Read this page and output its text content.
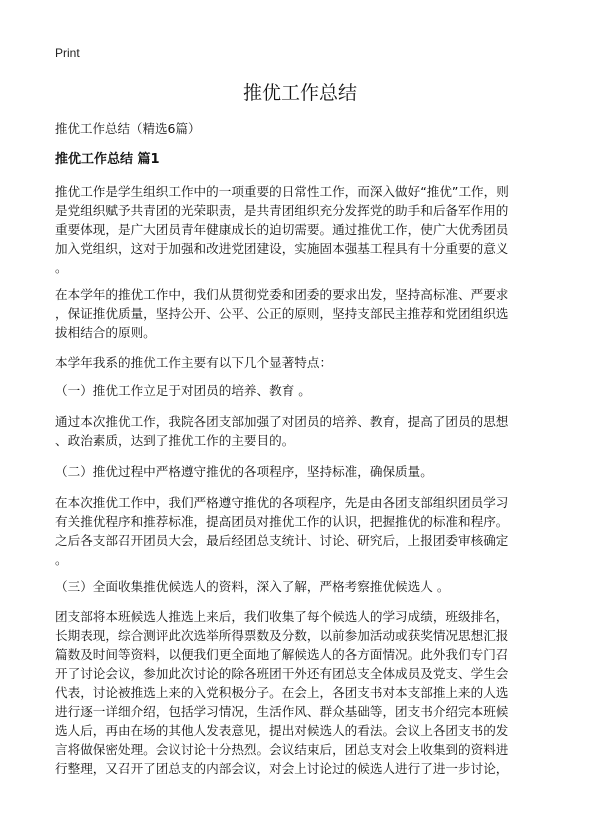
Print
推优工作总结
推优工作总结（精选6篇）
推优工作总结 篇1
推优工作是学生组织工作中的一项重要的日常性工作，而深入做好“推优”工作，则
是党组织赋予共青团的光荣职责，是共青团组织充分发挥党的助手和后备军作用的
重要体现，是广大团员青年健康成长的迫切需要。通过推优工作，使广大优秀团员
加入党组织，这对于加强和改进党团建设，实施固本强基工程具有十分重要的意义
。
在本学年的推优工作中，我们从贯彻党委和团委的要求出发，坚持高标准、严要求
，保证推优质量，坚持公开、公平、公正的原则，坚持支部民主推荐和党团组织选
拔相结合的原则。
本学年我系的推优工作主要有以下几个显著特点：
（一）推优工作立足于对团员的培养、教育 。
通过本次推优工作，我院各团支部加强了对团员的培养、教育，提高了团员的思想
、政治素质，达到了推优工作的主要目的。
（二）推优过程中严格遵守推优的各项程序，坚持标准，确保质量。
在本次推优工作中，我们严格遵守推优的各项程序，先是由各团支部组织团员学习
有关推优程序和推荐标准，提高团员对推优工作的认识，把握推优的标准和程序。
之后各支部召开团员大会，最后经团总支统计、讨论、研究后，上报团委审核确定
。
（三）全面收集推优候选人的资料，深入了解，严格考察推优候选人 。
团支部将本班候选人推选上来后，我们收集了每个候选人的学习成绩，班级排名，
长期表现，综合测评此次选举所得票数及分数，以前参加活动或获奖情况思想汇报
篇数及时间等资料，以便我们更全面地了解候选人的各方面情况。此外我们专门召
开了讨论会议，参加此次讨论的除各班团干外还有团总支全体成员及党支、学生会
代表，讨论被推选上来的入党积极分子。在会上，各团支书对本支部推上来的人选
进行逐一详细介绍，包括学习情况，生活作风、群众基础等，团支书介绍完本班候
选人后，再由在场的其他人发表意见，提出对候选人的看法。会议上各团支书的发
言将做保密处理。会议讨论十分热烈。会议结束后，团总支对会上收集到的资料进
行整理，又召开了团总支的内部会议，对会上讨论过的候选人进行了进一步讨论，
